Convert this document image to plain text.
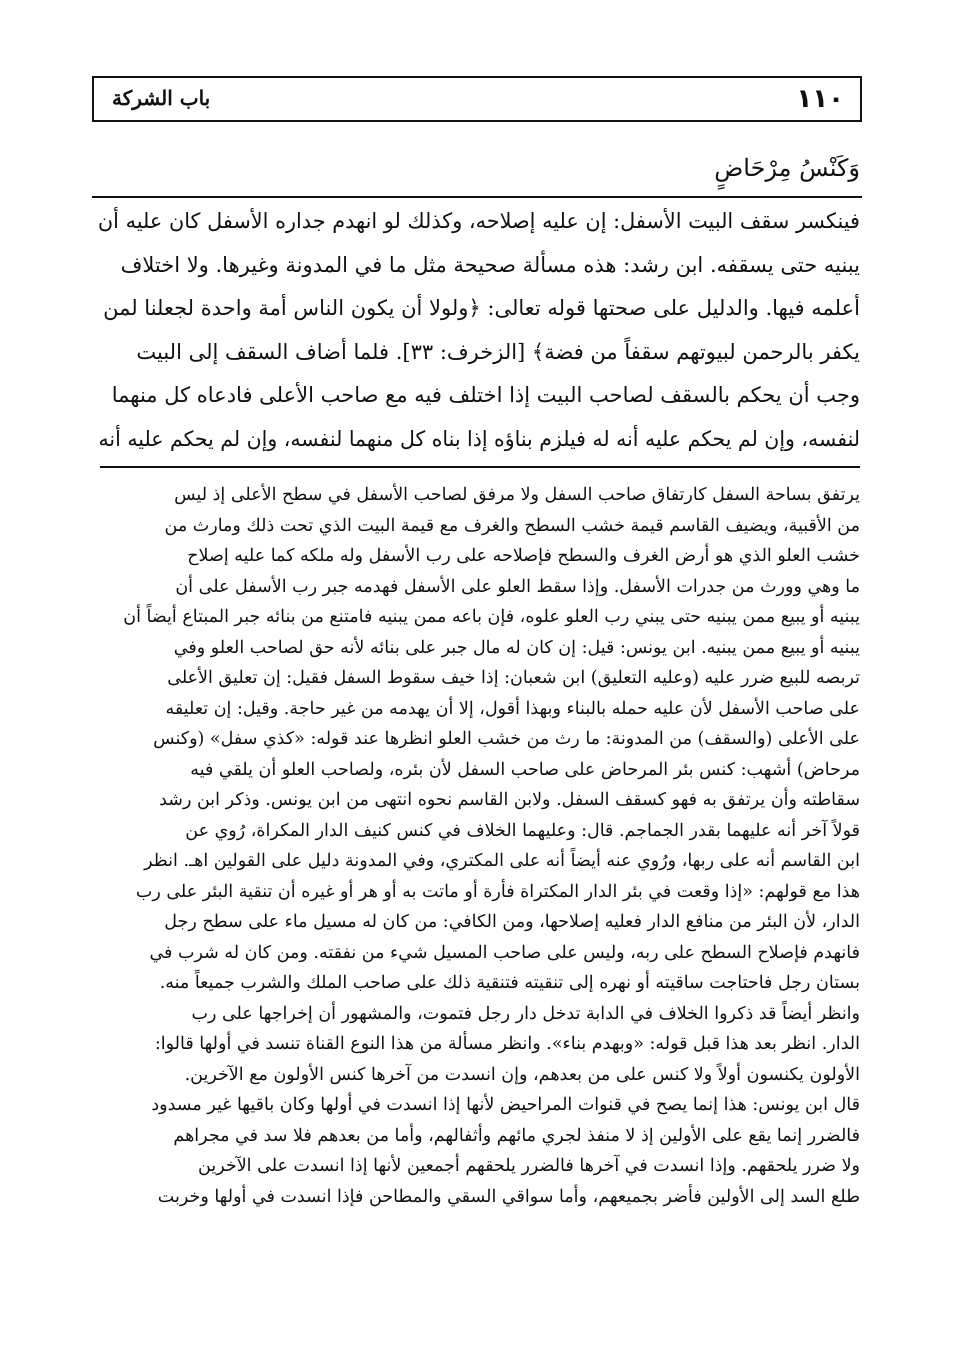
١١٠
باب الشركة
وَكَنْسُ مِرْحَاضٍ
فينكسر سقف البيت الأسفل: إن عليه إصلاحه، وكذلك لو انهدم جداره الأسفل كان عليه أن
يبنيه حتى يسقفه. ابن رشد: هذه مسألة صحيحة مثل ما في المدونة وغيرها. ولا اختلاف
أعلمه فيها. والدليل على صحتها قوله تعالى: ﴿ولولا أن يكون الناس أمة واحدة لجعلنا لمن
يكفر بالرحمن لبيوتهم سقفاً من فضة﴾ [الزخرف: ٣٣]. فلما أضاف السقف إلى البيت
وجب أن يحكم بالسقف لصاحب البيت إذا اختلف فيه مع صاحب الأعلى فادعاه كل منهما
لنفسه، وإن لم يحكم عليه أنه له فيلزم بناؤه إذا بناه كل منهما لنفسه، وإن لم يحكم عليه أنه
يرتفق بساحة السفل كارتفاق صاحب السفل ولا مرفق لصاحب الأسفل في سطح الأعلى إذ ليس
من الأقبية، ويضيف القاسم قيمة خشب السطح والغرف مع قيمة البيت الذي تحت ذلك ومارث من
خشب العلو الذي هو أرض الغرف والسطح فإصلاحه على رب الأسفل وله ملكه كما عليه إصلاح
ما وهي وورث من جدرات الأسفل. وإذا سقط العلو على الأسفل فهدمه جبر رب الأسفل على أن
يبنيه أو يبيع ممن يبنيه حتى يبني رب العلو علوه، فإن باعه ممن يبنيه فامتنع من بنائه جبر المبتاع أيضاً أن
يبنيه أو يبيع ممن يبنيه. ابن يونس: قيل: إن كان له مال جبر على بنائه لأنه حق لصاحب العلو وفي
تربصه للبيع ضرر عليه (وعليه التعليق) ابن شعبان: إذا خيف سقوط السفل فقيل: إن تعليق الأعلى
على صاحب الأسفل لأن عليه حمله بالبناء وبهذا أقول، إلا أن يهدمه من غير حاجة. وقيل: إن تعليقه
على الأعلى (والسقف) من المدونة: ما رث من خشب العلو انظرها عند قوله: «كذي سفل» (وكنس
مرحاض) أشهب: كنس بئر المرحاض على صاحب السفل لأن بئره، ولصاحب العلو أن يلقي فيه
سقاطته وأن يرتفق به فهو كسقف السفل. ولابن القاسم نحوه انتهى من ابن يونس. وذكر ابن رشد
قولاً آخر أنه عليهما بقدر الجماجم. قال: وعليهما الخلاف في كنس كنيف الدار المكراة، رُوي عن
ابن القاسم أنه على ربها، ورُوي عنه أيضاً أنه على المكتري، وفي المدونة دليل على القولين اهـ. انظر
هذا مع قولهم: «إذا وقعت في بئر الدار المكتراة فأرة أو ماتت به أو هر أو غيره أن تنقية البئر على رب
الدار، لأن البئر من منافع الدار فعليه إصلاحها، ومن الكافي: من كان له مسيل ماء على سطح رجل
فانهدم فإصلاح السطح على ربه، وليس على صاحب المسيل شيء من نفقته. ومن كان له شرب في
بستان رجل فاحتاجت ساقيته أو نهره إلى تنقيته فتنقية ذلك على صاحب الملك والشرب جميعاً منه.
وانظر أيضاً قد ذكروا الخلاف في الدابة تدخل دار رجل فتموت، والمشهور أن إخراجها على رب
الدار. انظر بعد هذا قبل قوله: «وبهدم بناء». وانظر مسألة من هذا النوع القناة تنسد في أولها قالوا:
الأولون يكنسون أولاً ولا كنس على من بعدهم، وإن انسدت من آخرها كنس الأولون مع الآخرين.
قال ابن يونس: هذا إنما يصح في قنوات المراحيض لأنها إذا انسدت في أولها وكان باقيها غير مسدود
فالضرر إنما يقع على الأولين إذ لا منفذ لجري مائهم وأثفالهم، وأما من بعدهم فلا سد في مجراهم
ولا ضرر يلحقهم. وإذا انسدت في آخرها فالضرر يلحقهم أجمعين لأنها إذا انسدت على الآخرين
طلع السد إلى الأولين فأضر بجميعهم، وأما سواقي السقي والمطاحن فإذا انسدت في أولها وخربت
